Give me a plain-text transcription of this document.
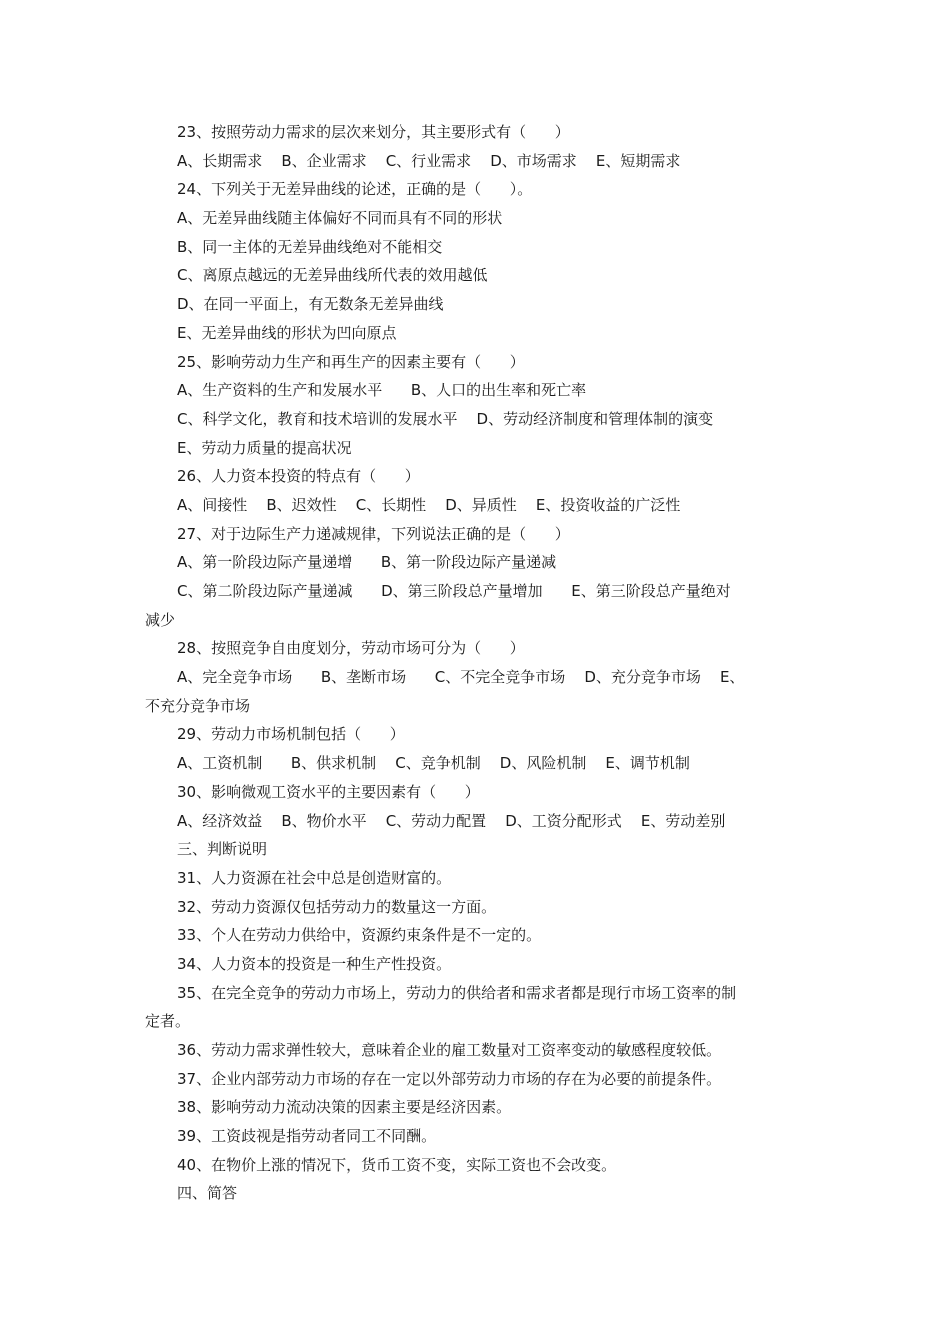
23、按照劳动力需求的层次来划分，其主要形式有（      ）
A、长期需求    B、企业需求    C、行业需求    D、市场需求    E、短期需求
24、下列关于无差异曲线的论述，正确的是（      ）。
A、无差异曲线随主体偏好不同而具有不同的形状
B、同一主体的无差异曲线绝对不能相交
C、离原点越远的无差异曲线所代表的效用越低
D、在同一平面上，有无数条无差异曲线
E、无差异曲线的形状为凹向原点
25、影响劳动力生产和再生产的因素主要有（      ）
A、生产资料的生产和发展水平      B、人口的出生率和死亡率
C、科学文化，教育和技术培训的发展水平    D、劳动经济制度和管理体制的演变
E、劳动力质量的提高状况
26、人力资本投资的特点有（      ）
A、间接性    B、迟效性    C、长期性    D、异质性    E、投资收益的广泛性
27、对于边际生产力递减规律，下列说法正确的是（      ）
A、第一阶段边际产量递增      B、第一阶段边际产量递减
C、第二阶段边际产量递减      D、第三阶段总产量增加      E、第三阶段总产量绝对
减少
28、按照竞争自由度划分，劳动市场可分为（      ）
A、完全竞争市场      B、垄断市场      C、不完全竞争市场    D、充分竞争市场    E、
不充分竞争市场
29、劳动力市场机制包括（      ）
A、工资机制      B、供求机制    C、竞争机制    D、风险机制    E、调节机制
30、影响微观工资水平的主要因素有（      ）
A、经济效益    B、物价水平    C、劳动力配置    D、工资分配形式    E、劳动差别
三、判断说明
31、人力资源在社会中总是创造财富的。
32、劳动力资源仅包括劳动力的数量这一方面。
33、个人在劳动力供给中，资源约束条件是不一定的。
34、人力资本的投资是一种生产性投资。
35、在完全竞争的劳动力市场上，劳动力的供给者和需求者都是现行市场工资率的制
定者。
36、劳动力需求弹性较大，意味着企业的雇工数量对工资率变动的敏感程度较低。
37、企业内部劳动力市场的存在一定以外部劳动力市场的存在为必要的前提条件。
38、影响劳动力流动决策的因素主要是经济因素。
39、工资歧视是指劳动者同工不同酬。
40、在物价上涨的情况下，货币工资不变，实际工资也不会改变。
四、简答
